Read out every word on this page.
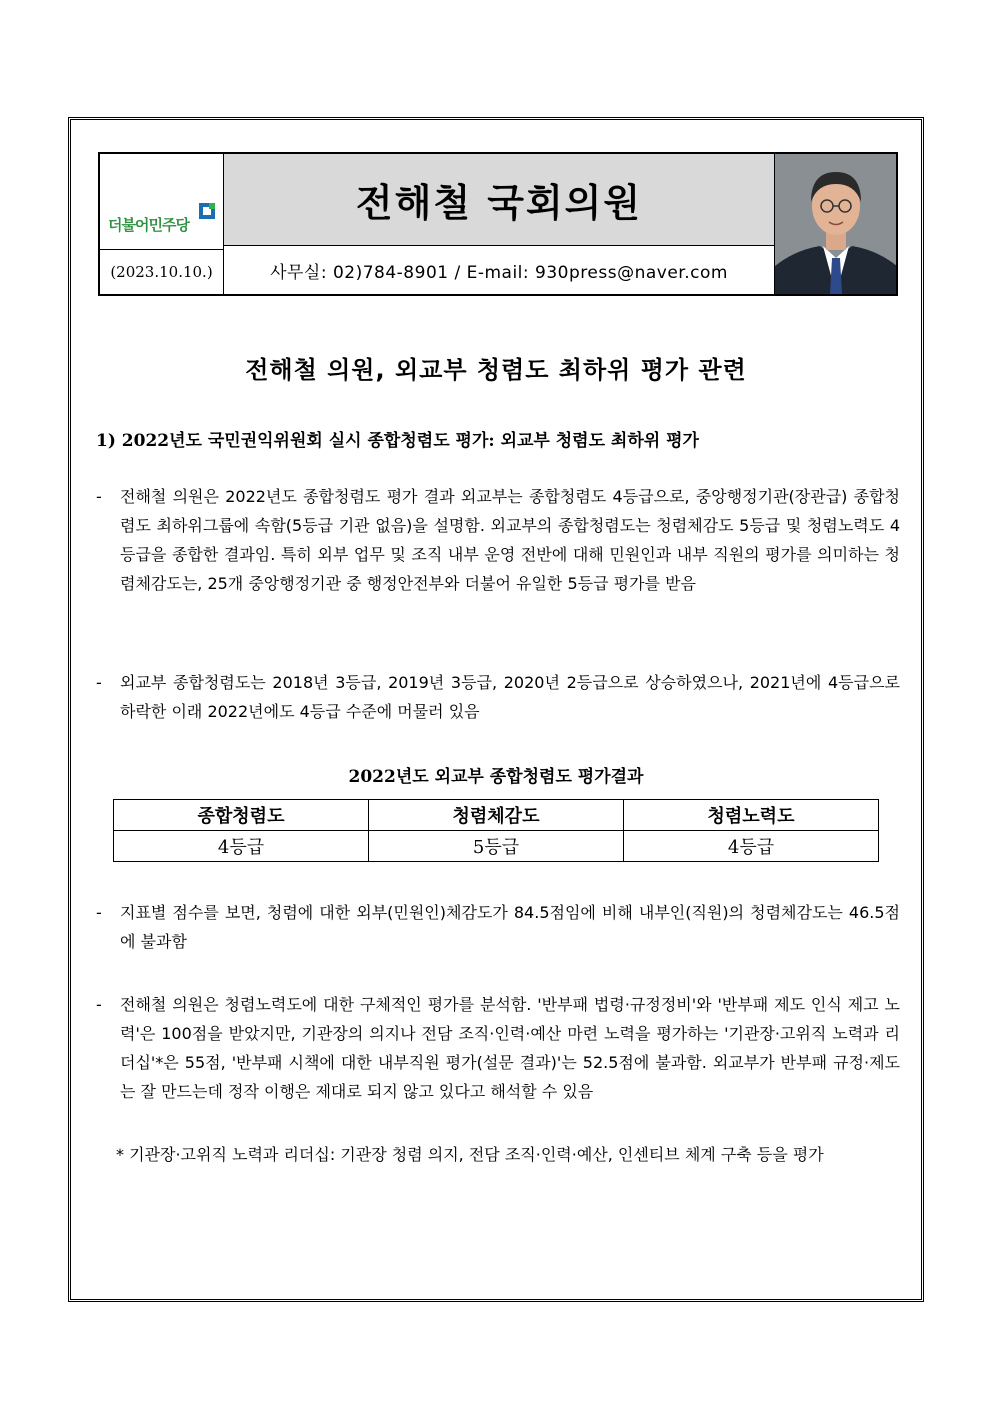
더불어민주당
(2023.10.10.)
전해철 국회의원
사무실: 02)784-8901 / E-mail: 930press@naver.com
전해철 의원, 외교부 청렴도 최하위 평가 관련
1) 2022년도 국민권익위원회 실시 종합청렴도 평가: 외교부 청렴도 최하위 평가
-	전해철 의원은 2022년도 종합청렴도 평가 결과 외교부는 종합청렴도 4등급으로, 중앙행정기관(장관급) 종합청렴도 최하위그룹에 속함(5등급 기관 없음)을 설명함. 외교부의 종합청렴도는 청렴체감도 5등급 및 청렴노력도 4등급을 종합한 결과임. 특히 외부 업무 및 조직 내부 운영 전반에 대해 민원인과 내부 직원의 평가를 의미하는 청렴체감도는, 25개 중앙행정기관 중 행정안전부와 더불어 유일한 5등급 평가를 받음
-	외교부 종합청렴도는 2018년 3등급, 2019년 3등급, 2020년 2등급으로 상승하였으나, 2021년에 4등급으로 하락한 이래 2022년에도 4등급 수준에 머물러 있음
2022년도 외교부 종합청렴도 평가결과
종합청렴도	청렴체감도	청렴노력도
4등급	5등급	4등급
-	지표별 점수를 보면, 청렴에 대한 외부(민원인)체감도가 84.5점임에 비해 내부인(직원)의 청렴체감도는 46.5점에 불과함
-	전해철 의원은 청렴노력도에 대한 구체적인 평가를 분석함. '반부패 법령·규정정비'와 '반부패 제도 인식 제고 노력'은 100점을 받았지만, 기관장의 의지나 전담 조직·인력·예산 마련 노력을 평가하는 '기관장·고위직 노력과 리더십'*은 55점, '반부패 시책에 대한 내부직원 평가(설문 결과)'는 52.5점에 불과함. 외교부가 반부패 규정·제도는 잘 만드는데 정작 이행은 제대로 되지 않고 있다고 해석할 수 있음
* 기관장·고위직 노력과 리더십: 기관장 청렴 의지, 전담 조직·인력·예산, 인센티브 체계 구축 등을 평가
